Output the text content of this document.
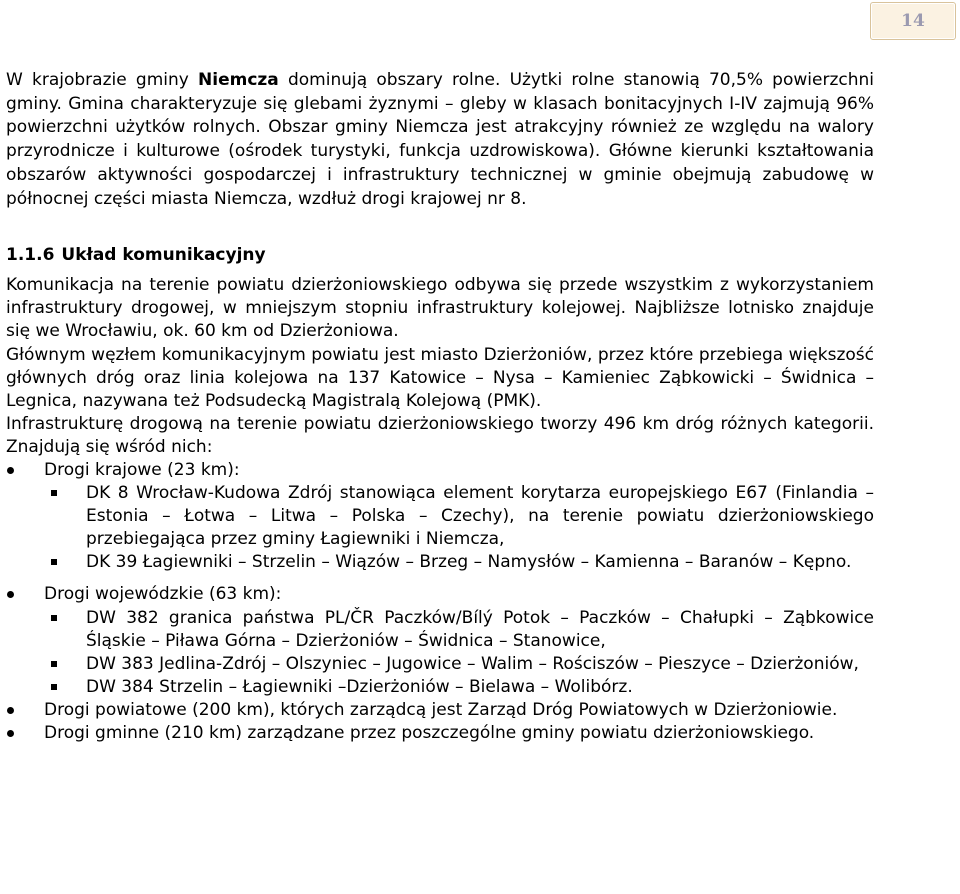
14

W krajobrazie gminy Niemcza dominują obszary rolne. Użytki rolne stanowią 70,5% powierzchni gminy. Gmina charakteryzuje się glebami żyznymi – gleby w klasach bonitacyjnych I-IV zajmują 96% powierzchni użytków rolnych. Obszar gminy Niemcza jest atrakcyjny również ze względu na walory przyrodnicze i kulturowe (ośrodek turystyki, funkcja uzdrowiskowa). Główne kierunki kształtowania obszarów aktywności gospodarczej i infrastruktury technicznej w gminie obejmują zabudowę w północnej części miasta Niemcza, wzdłuż drogi krajowej nr 8.

1.1.6 Układ komunikacyjny

Komunikacja na terenie powiatu dzierżoniowskiego odbywa się przede wszystkim z wykorzystaniem infrastruktury drogowej, w mniejszym stopniu infrastruktury kolejowej. Najbliższe lotnisko znajduje się we Wrocławiu, ok. 60 km od Dzierżoniowa.

Głównym węzłem komunikacyjnym powiatu jest miasto Dzierżoniów, przez które przebiega większość głównych dróg oraz linia kolejowa na 137 Katowice – Nysa – Kamieniec Ząbkowicki – Świdnica – Legnica, nazywana też Podsudecką Magistralą Kolejową (PMK).

Infrastrukturę drogową na terenie powiatu dzierżoniowskiego tworzy 496 km dróg różnych kategorii. Znajdują się wśród nich:

Drogi krajowe (23 km):
DK 8 Wrocław-Kudowa Zdrój stanowiąca element korytarza europejskiego E67 (Finlandia – Estonia – Łotwa – Litwa – Polska – Czechy), na terenie powiatu dzierżoniowskiego przebiegająca przez gminy Łagiewniki i Niemcza,
DK 39 Łagiewniki – Strzelin – Wiązów – Brzeg – Namysłów – Kamienna – Baranów – Kępno.
Drogi wojewódzkie (63 km):
DW 382 granica państwa PL/ČR Paczków/Bílý Potok – Paczków – Chałupki – Ząbkowice Śląskie – Piława Górna – Dzierżoniów – Świdnica – Stanowice,
DW 383 Jedlina-Zdrój – Olszyniec – Jugowice – Walim – Rościszów – Pieszyce – Dzierżoniów,
DW 384 Strzelin – Łagiewniki –Dzierżoniów – Bielawa – Wolibórz.
Drogi powiatowe (200 km), których zarządcą jest Zarząd Dróg Powiatowych w Dzierżoniowie.
Drogi gminne (210 km) zarządzane przez poszczególne gminy powiatu dzierżoniowskiego.
